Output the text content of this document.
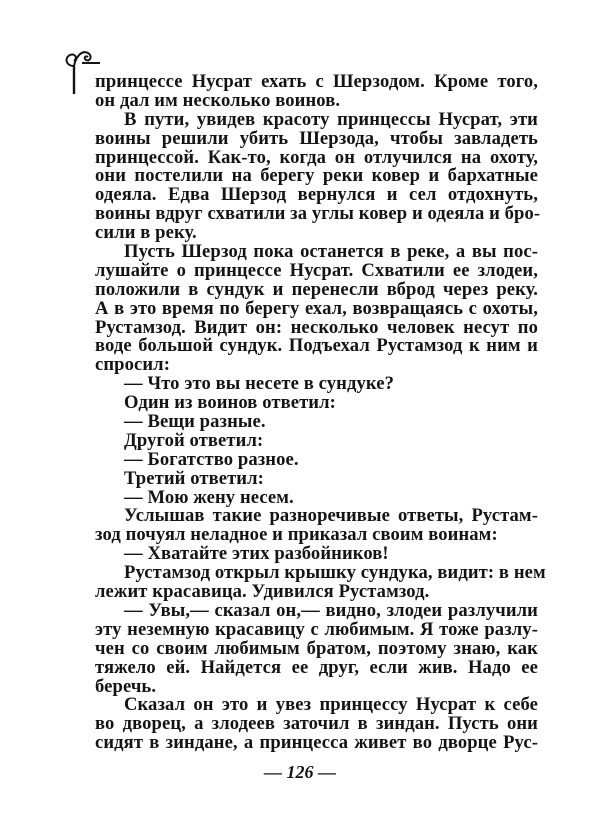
принцессе Нусрат ехать с Шерзодом. Кроме того,
он дал им несколько воинов.
В пути, увидев красоту принцессы Нусрат, эти
воины решили убить Шерзода, чтобы завладеть
принцессой. Как-то, когда он отлучился на охоту,
они постелили на берегу реки ковер и бархатные
одеяла. Едва Шерзод вернулся и сел отдохнуть,
воины вдруг схватили за углы ковер и одеяла и бро-
сили в реку.
Пусть Шерзод пока останется в реке, а вы пос-
лушайте о принцессе Нусрат. Схватили ее злодеи,
положили в сундук и перенесли вброд через реку.
А в это время по берегу ехал, возвращаясь с охоты,
Рустамзод. Видит он: несколько человек несут по
воде большой сундук. Подъехал Рустамзод к ним и
спросил:
— Что это вы несете в сундуке?
Один из воинов ответил:
— Вещи разные.
Другой ответил:
— Богатство разное.
Третий ответил:
— Мою жену несем.
Услышав такие разноречивые ответы, Рустам-
зод почуял неладное и приказал своим воинам:
— Хватайте этих разбойников!
Рустамзод открыл крышку сундука, видит: в нем
лежит красавица. Удивился Рустамзод.
— Увы,— сказал он,— видно, злодеи разлучили
эту неземную красавицу с любимым. Я тоже разлу-
чен со своим любимым братом, поэтому знаю, как
тяжело ей. Найдется ее друг, если жив. Надо ее
беречь.
Сказал он это и увез принцессу Нусрат к себе
во дворец, а злодеев заточил в зиндан. Пусть они
сидят в зиндане, а принцесса живет во дворце Рус-
— 126 —
